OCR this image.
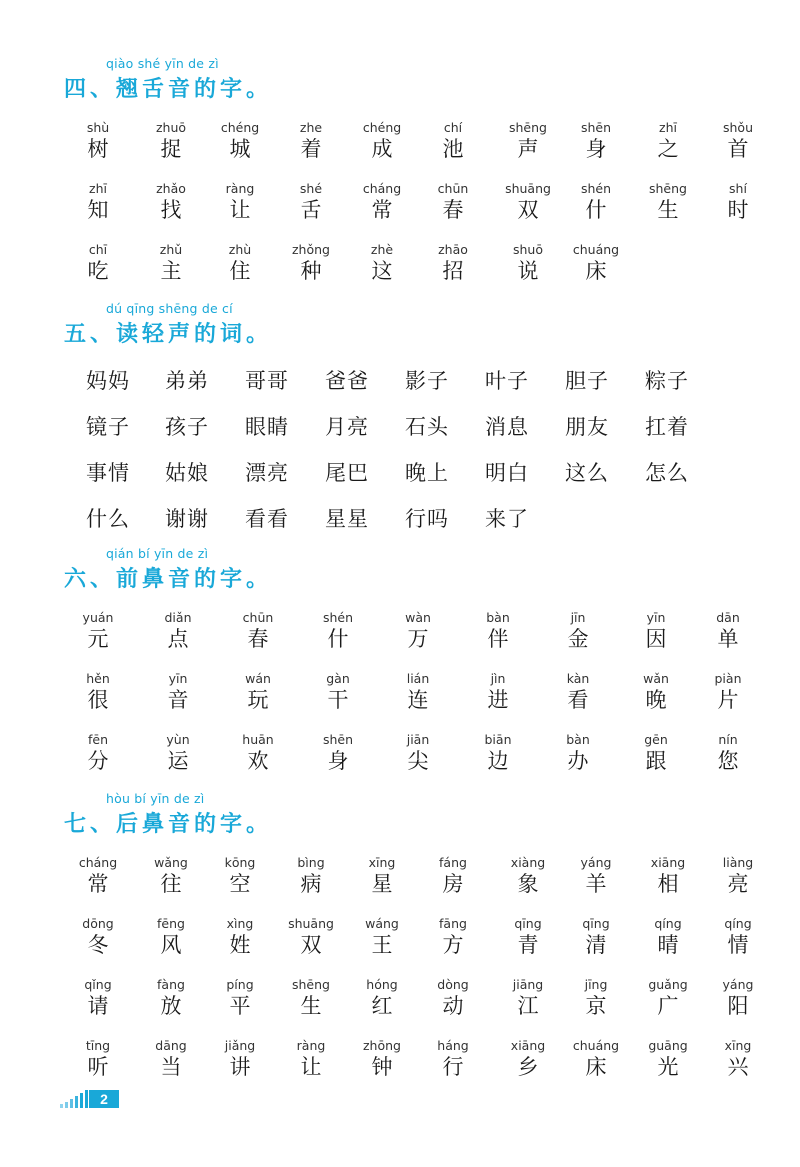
qiào shé yīn de zì
四、翘舌音的字。
shù
树
zhuō
捉
chéng
城
zhe
着
chéng
成
chí
池
shēng
声
shēn
身
zhī
之
shǒu
首
zhī
知
zhǎo
找
ràng
让
shé
舌
cháng
常
chūn
春
shuāng
双
shén
什
shēng
生
shí
时
chī
吃
zhǔ
主
zhù
住
zhǒng
种
zhè
这
zhāo
招
shuō
说
chuáng
床
dú qīng shēng de cí
五、读轻声的词。
妈妈 弟弟 哥哥 爸爸 影子 叶子 胆子 粽子
镜子 孩子 眼睛 月亮 石头 消息 朋友 扛着
事情 姑娘 漂亮 尾巴 晚上 明白 这么 怎么
什么 谢谢 看看 星星 行吗 来了
qián bí yīn de zì
六、前鼻音的字。
yuán
元
diǎn
点
chūn
春
shén
什
wàn
万
bàn
伴
jīn
金
yīn
因
dān
单
hěn
很
yīn
音
wán
玩
gàn
干
lián
连
jìn
进
kàn
看
wǎn
晚
piàn
片
fēn
分
yùn
运
huān
欢
shēn
身
jiān
尖
biān
边
bàn
办
gēn
跟
nín
您
hòu bí yīn de zì
七、后鼻音的字。
cháng
常
wǎng
往
kōng
空
bìng
病
xīng
星
fáng
房
xiàng
象
yáng
羊
xiāng
相
liàng
亮
dōng
冬
fēng
风
xìng
姓
shuāng
双
wáng
王
fāng
方
qīng
青
qīng
清
qíng
晴
qíng
情
qǐng
请
fàng
放
píng
平
shēng
生
hóng
红
dòng
动
jiāng
江
jīng
京
guǎng
广
yáng
阳
tīng
听
dāng
当
jiǎng
讲
ràng
让
zhōng
钟
háng
行
xiāng
乡
chuáng
床
guāng
光
xīng
兴
2
